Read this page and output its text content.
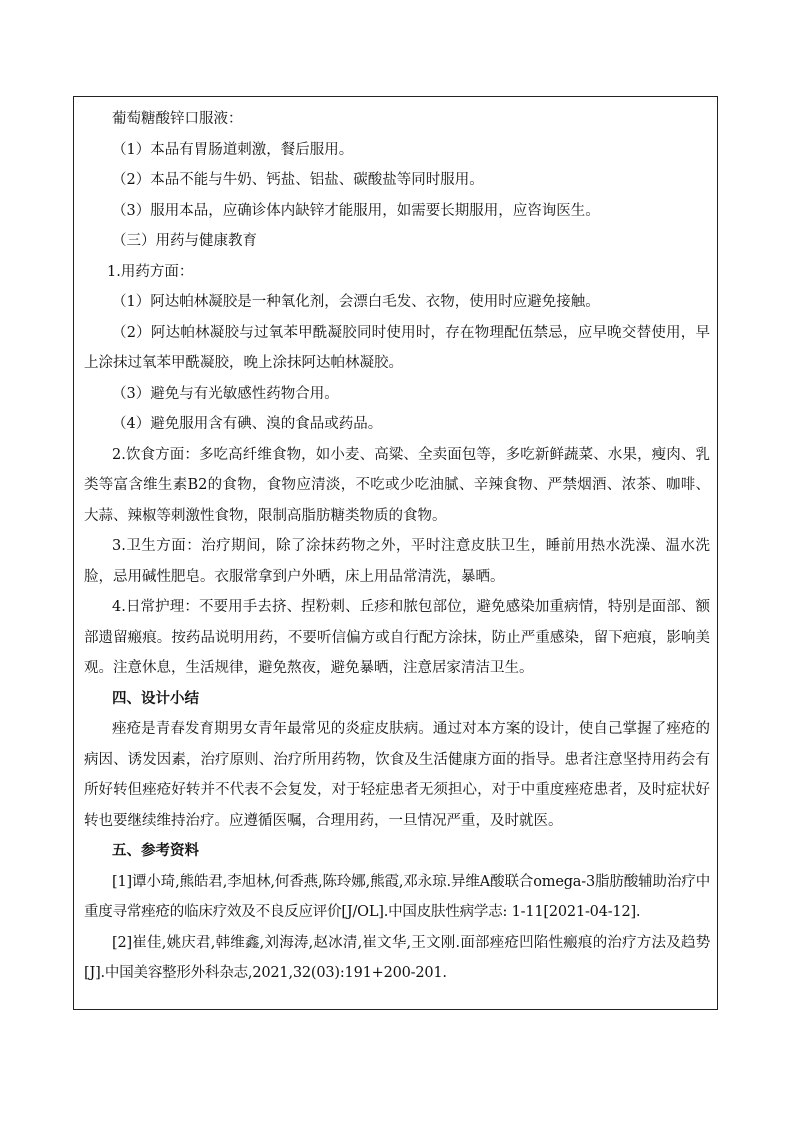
葡萄糖酸锌口服液：

（1）本品有胃肠道刺激，餐后服用。

（2）本品不能与牛奶、钙盐、铝盐、碳酸盐等同时服用。

（3）服用本品，应确诊体内缺锌才能服用，如需要长期服用，应咨询医生。

（三）用药与健康教育

1.用药方面：

（1）阿达帕林凝胶是一种氧化剂，会漂白毛发、衣物，使用时应避免接触。

（2）阿达帕林凝胶与过氧苯甲酰凝胶同时使用时，存在物理配伍禁忌，应早晚交替使用，早上涂抹过氧苯甲酰凝胶，晚上涂抹阿达帕林凝胶。

（3）避免与有光敏感性药物合用。

（4）避免服用含有碘、溴的食品或药品。

2.饮食方面：多吃高纤维食物，如小麦、高粱、全卖面包等，多吃新鲜蔬菜、水果，瘦肉、乳类等富含维生素B2的食物，食物应清淡，不吃或少吃油腻、辛辣食物、严禁烟酒、浓茶、咖啡、大蒜、辣椒等刺激性食物，限制高脂肪糖类物质的食物。

3.卫生方面：治疗期间，除了涂抹药物之外，平时注意皮肤卫生，睡前用热水洗澡、温水洗脸，忌用碱性肥皂。衣服常拿到户外晒，床上用品常清洗，暴晒。

4.日常护理：不要用手去挤、捏粉刺、丘疹和脓包部位，避免感染加重病情，特别是面部、额部遗留瘢痕。按药品说明用药，不要听信偏方或自行配方涂抹，防止严重感染，留下疤痕，影响美观。注意休息，生活规律，避免熬夜，避免暴晒，注意居家清洁卫生。

四、设计小结

痤疮是青春发育期男女青年最常见的炎症皮肤病。通过对本方案的设计，使自己掌握了痤疮的病因、诱发因素，治疗原则、治疗所用药物，饮食及生活健康方面的指导。患者注意坚持用药会有所好转但痤疮好转并不代表不会复发，对于轻症患者无须担心，对于中重度痤疮患者，及时症状好转也要继续维持治疗。应遵循医嘱，合理用药，一旦情况严重，及时就医。

五、参考资料

[1]谭小琦,熊皓君,李旭林,何香燕,陈玲娜,熊霞,邓永琼.异维A酸联合omega-3脂肪酸辅助治疗中重度寻常痤疮的临床疗效及不良反应评价[J/OL].中国皮肤性病学志: 1-11[2021-04-12].

[2]崔佳,姚庆君,韩维鑫,刘海涛,赵冰清,崔文华,王文刚.面部痤疮凹陷性瘢痕的治疗方法及趋势[J].中国美容整形外科杂志,2021,32(03):191+200-201.
